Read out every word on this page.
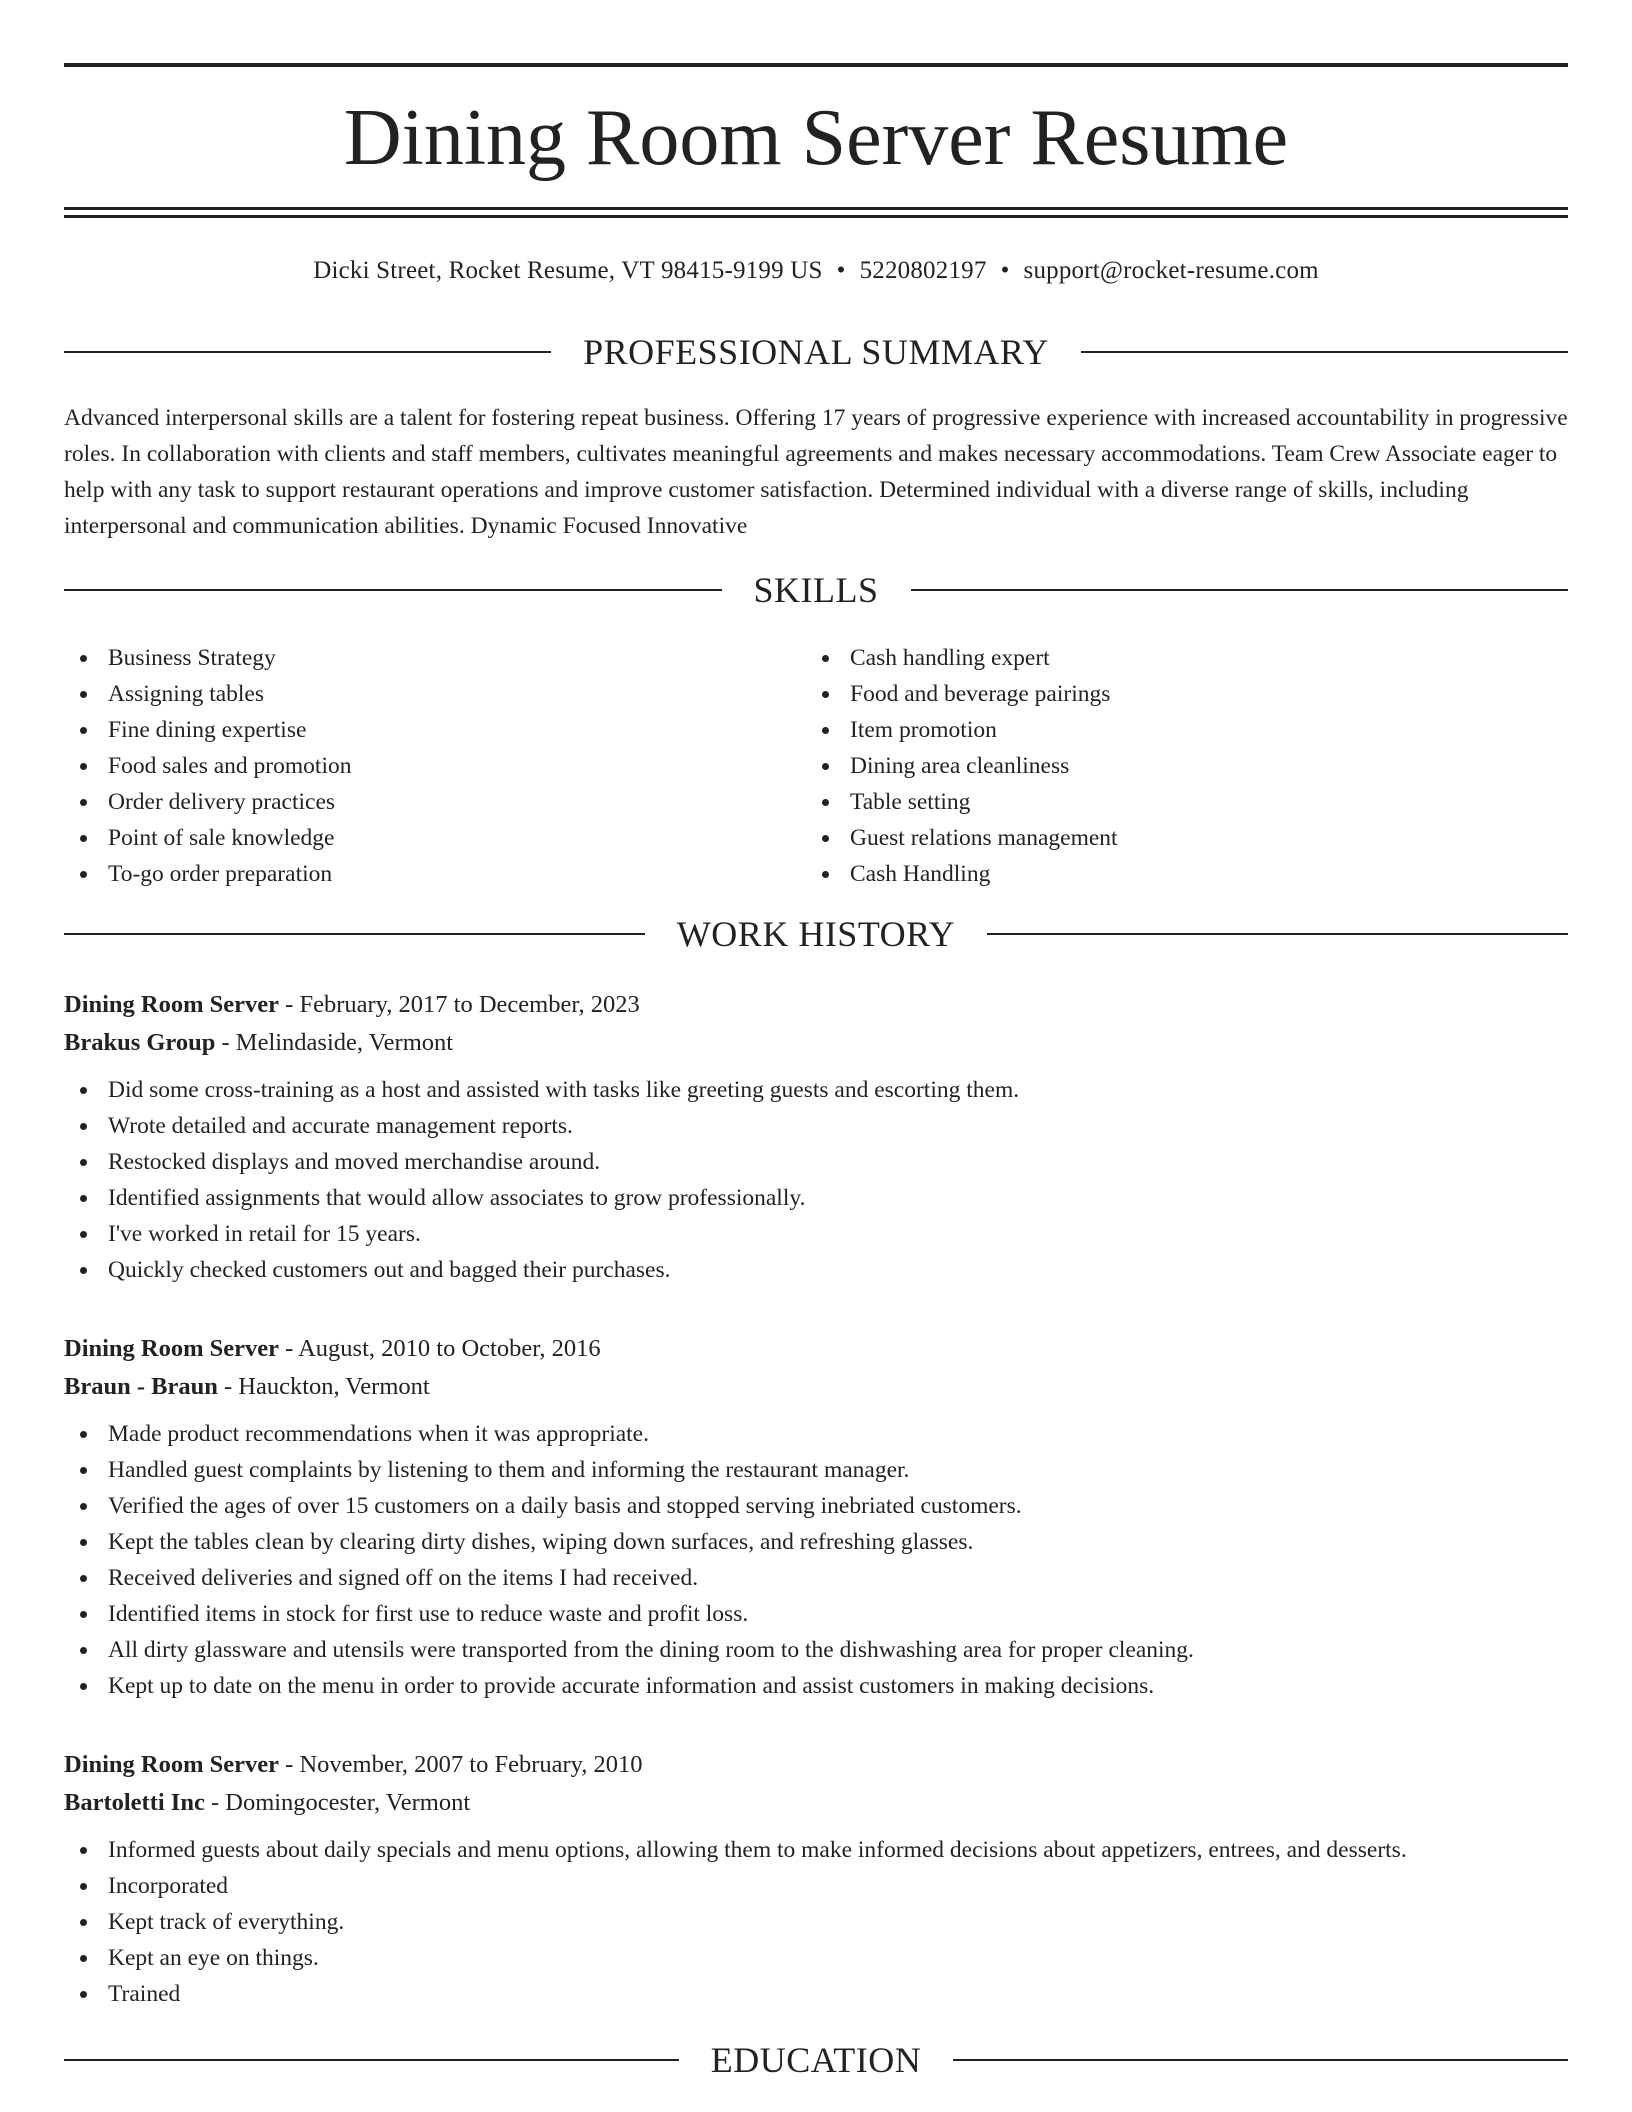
Dining Room Server Resume
Dicki Street, Rocket Resume, VT 98415-9199 US • 5220802197 • support@rocket-resume.com
PROFESSIONAL SUMMARY

Advanced interpersonal skills are a talent for fostering repeat business. Offering 17 years of progressive experience with increased accountability in progressive roles. In collaboration with clients and staff members, cultivates meaningful agreements and makes necessary accommodations. Team Crew Associate eager to help with any task to support restaurant operations and improve customer satisfaction. Determined individual with a diverse range of skills, including interpersonal and communication abilities. Dynamic Focused Innovative

SKILLS
Business Strategy
Assigning tables
Fine dining expertise
Food sales and promotion
Order delivery practices
Point of sale knowledge
To-go order preparation
Cash handling expert
Food and beverage pairings
Item promotion
Dining area cleanliness
Table setting
Guest relations management
Cash Handling
WORK HISTORY
Dining Room Server - February, 2017 to December, 2023
Brakus Group - Melindaside, Vermont
Did some cross-training as a host and assisted with tasks like greeting guests and escorting them.
Wrote detailed and accurate management reports.
Restocked displays and moved merchandise around.
Identified assignments that would allow associates to grow professionally.
I've worked in retail for 15 years.
Quickly checked customers out and bagged their purchases.
Dining Room Server - August, 2010 to October, 2016
Braun - Braun - Hauckton, Vermont
Made product recommendations when it was appropriate.
Handled guest complaints by listening to them and informing the restaurant manager.
Verified the ages of over 15 customers on a daily basis and stopped serving inebriated customers.
Kept the tables clean by clearing dirty dishes, wiping down surfaces, and refreshing glasses.
Received deliveries and signed off on the items I had received.
Identified items in stock for first use to reduce waste and profit loss.
All dirty glassware and utensils were transported from the dining room to the dishwashing area for proper cleaning.
Kept up to date on the menu in order to provide accurate information and assist customers in making decisions.
Dining Room Server - November, 2007 to February, 2010
Bartoletti Inc - Domingocester, Vermont
Informed guests about daily specials and menu options, allowing them to make informed decisions about appetizers, entrees, and desserts.
Incorporated
Kept track of everything.
Kept an eye on things.
Trained
EDUCATION
